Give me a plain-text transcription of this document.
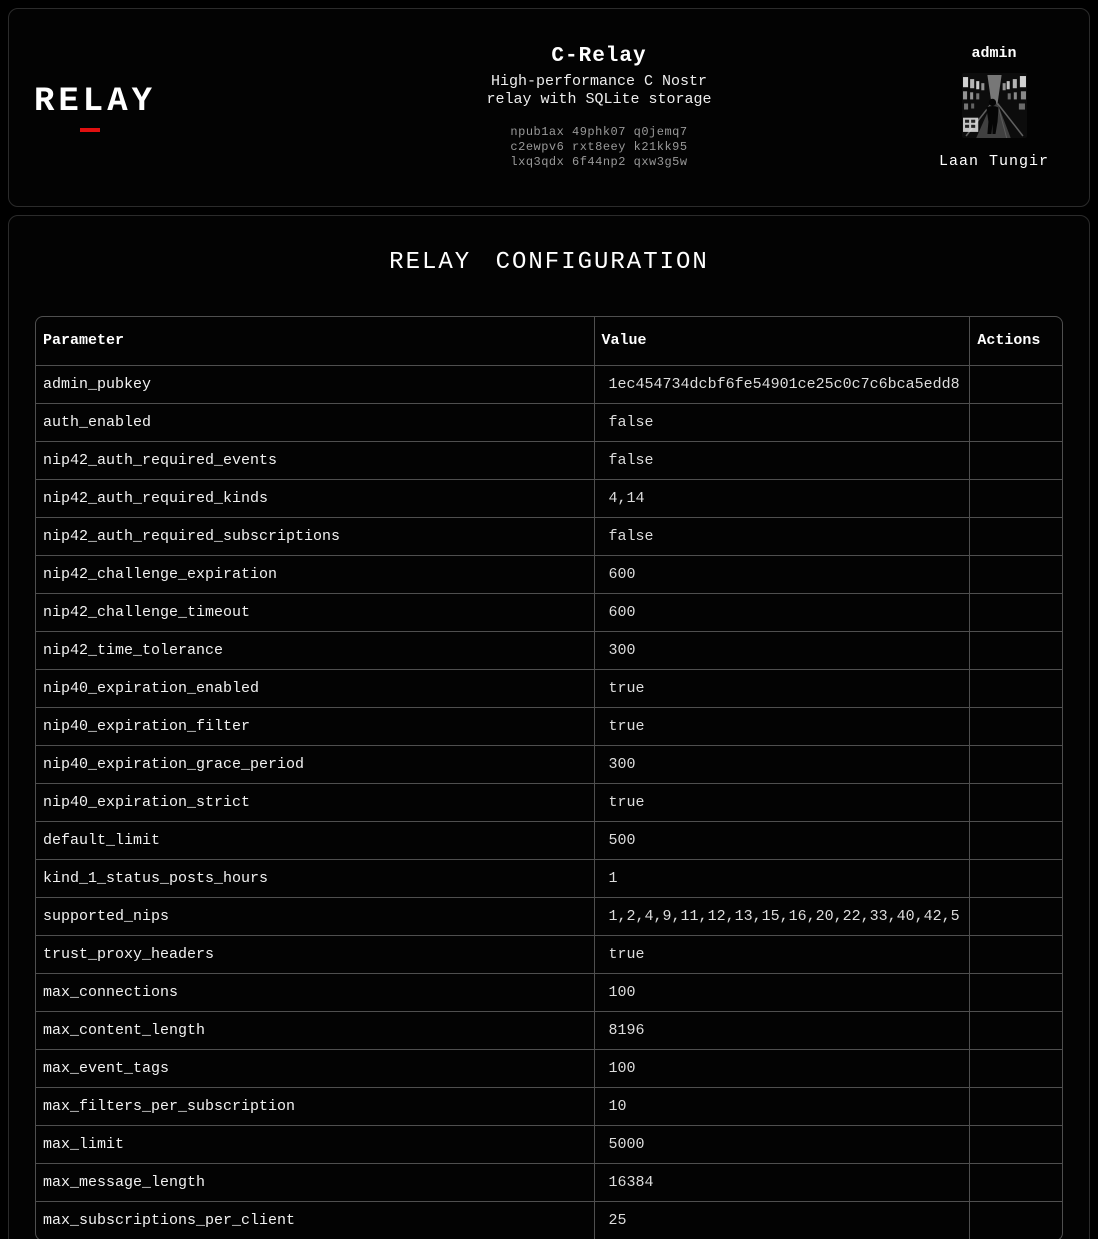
RELAY
C-Relay
High-performance C Nostr relay with SQLite storage
npub1ax 49phk07 q0jemq7
c2ewpv6 rxt8eey k21kk95
lxq3qdx 6f44np2 qxw3g5w
admin
Laan Tungir
RELAY CONFIGURATION
Parameter	Value	Actions
admin_pubkey	1ec454734dcbf6fe54901ce25c0c7c6bca5edd8	
auth_enabled	false	
nip42_auth_required_events	false	
nip42_auth_required_kinds	4,14	
nip42_auth_required_subscriptions	false	
nip42_challenge_expiration	600	
nip42_challenge_timeout	600	
nip42_time_tolerance	300	
nip40_expiration_enabled	true	
nip40_expiration_filter	true	
nip40_expiration_grace_period	300	
nip40_expiration_strict	true	
default_limit	500	
kind_1_status_posts_hours	1	
supported_nips	1,2,4,9,11,12,13,15,16,20,22,33,40,42,5	
trust_proxy_headers	true	
max_connections	100	
max_content_length	8196	
max_event_tags	100	
max_filters_per_subscription	10	
max_limit	5000	
max_message_length	16384	
max_subscriptions_per_client	25	
